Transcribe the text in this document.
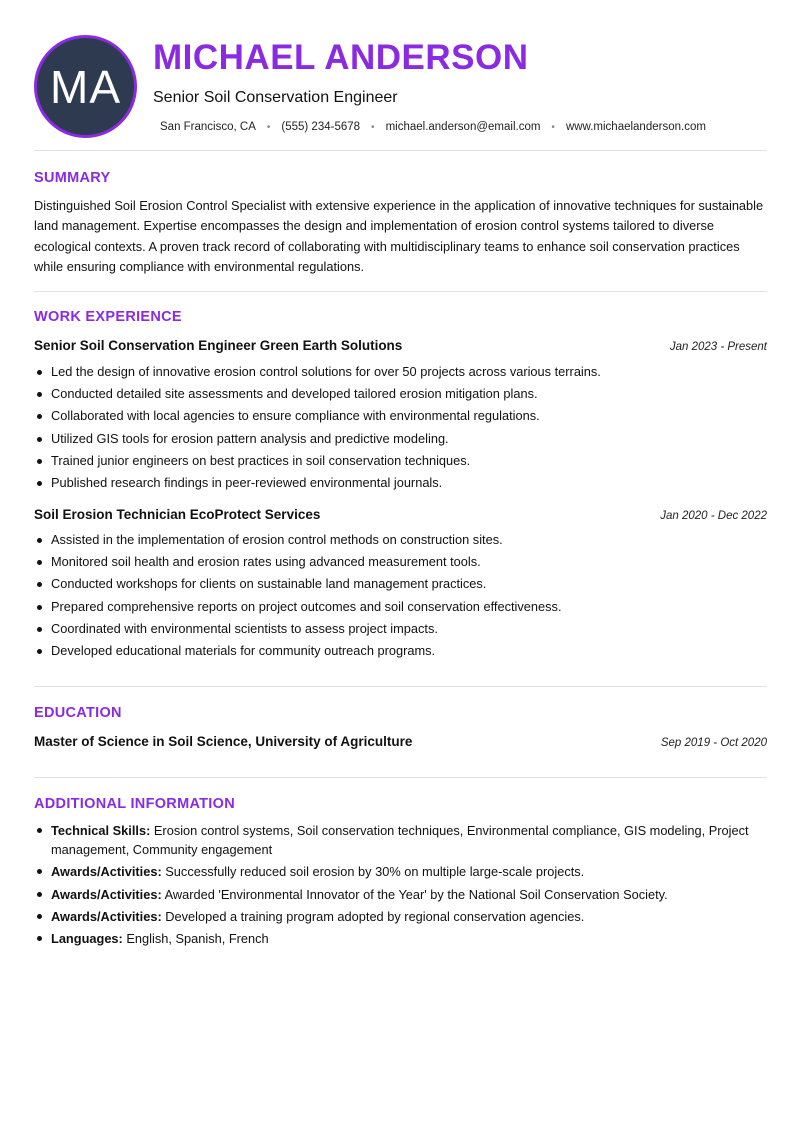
MA
MICHAEL ANDERSON
Senior Soil Conservation Engineer
San Francisco, CA • (555) 234-5678 • michael.anderson@email.com • www.michaelanderson.com
SUMMARY
Distinguished Soil Erosion Control Specialist with extensive experience in the application of innovative techniques for sustainable land management. Expertise encompasses the design and implementation of erosion control systems tailored to diverse ecological contexts. A proven track record of collaborating with multidisciplinary teams to enhance soil conservation practices while ensuring compliance with environmental regulations.
WORK EXPERIENCE
Senior Soil Conservation Engineer Green Earth Solutions	Jan 2023 - Present
Led the design of innovative erosion control solutions for over 50 projects across various terrains.
Conducted detailed site assessments and developed tailored erosion mitigation plans.
Collaborated with local agencies to ensure compliance with environmental regulations.
Utilized GIS tools for erosion pattern analysis and predictive modeling.
Trained junior engineers on best practices in soil conservation techniques.
Published research findings in peer-reviewed environmental journals.
Soil Erosion Technician EcoProtect Services	Jan 2020 - Dec 2022
Assisted in the implementation of erosion control methods on construction sites.
Monitored soil health and erosion rates using advanced measurement tools.
Conducted workshops for clients on sustainable land management practices.
Prepared comprehensive reports on project outcomes and soil conservation effectiveness.
Coordinated with environmental scientists to assess project impacts.
Developed educational materials for community outreach programs.
EDUCATION
Master of Science in Soil Science, University of Agriculture	Sep 2019 - Oct 2020
ADDITIONAL INFORMATION
Technical Skills: Erosion control systems, Soil conservation techniques, Environmental compliance, GIS modeling, Project management, Community engagement
Awards/Activities: Successfully reduced soil erosion by 30% on multiple large-scale projects.
Awards/Activities: Awarded 'Environmental Innovator of the Year' by the National Soil Conservation Society.
Awards/Activities: Developed a training program adopted by regional conservation agencies.
Languages: English, Spanish, French
